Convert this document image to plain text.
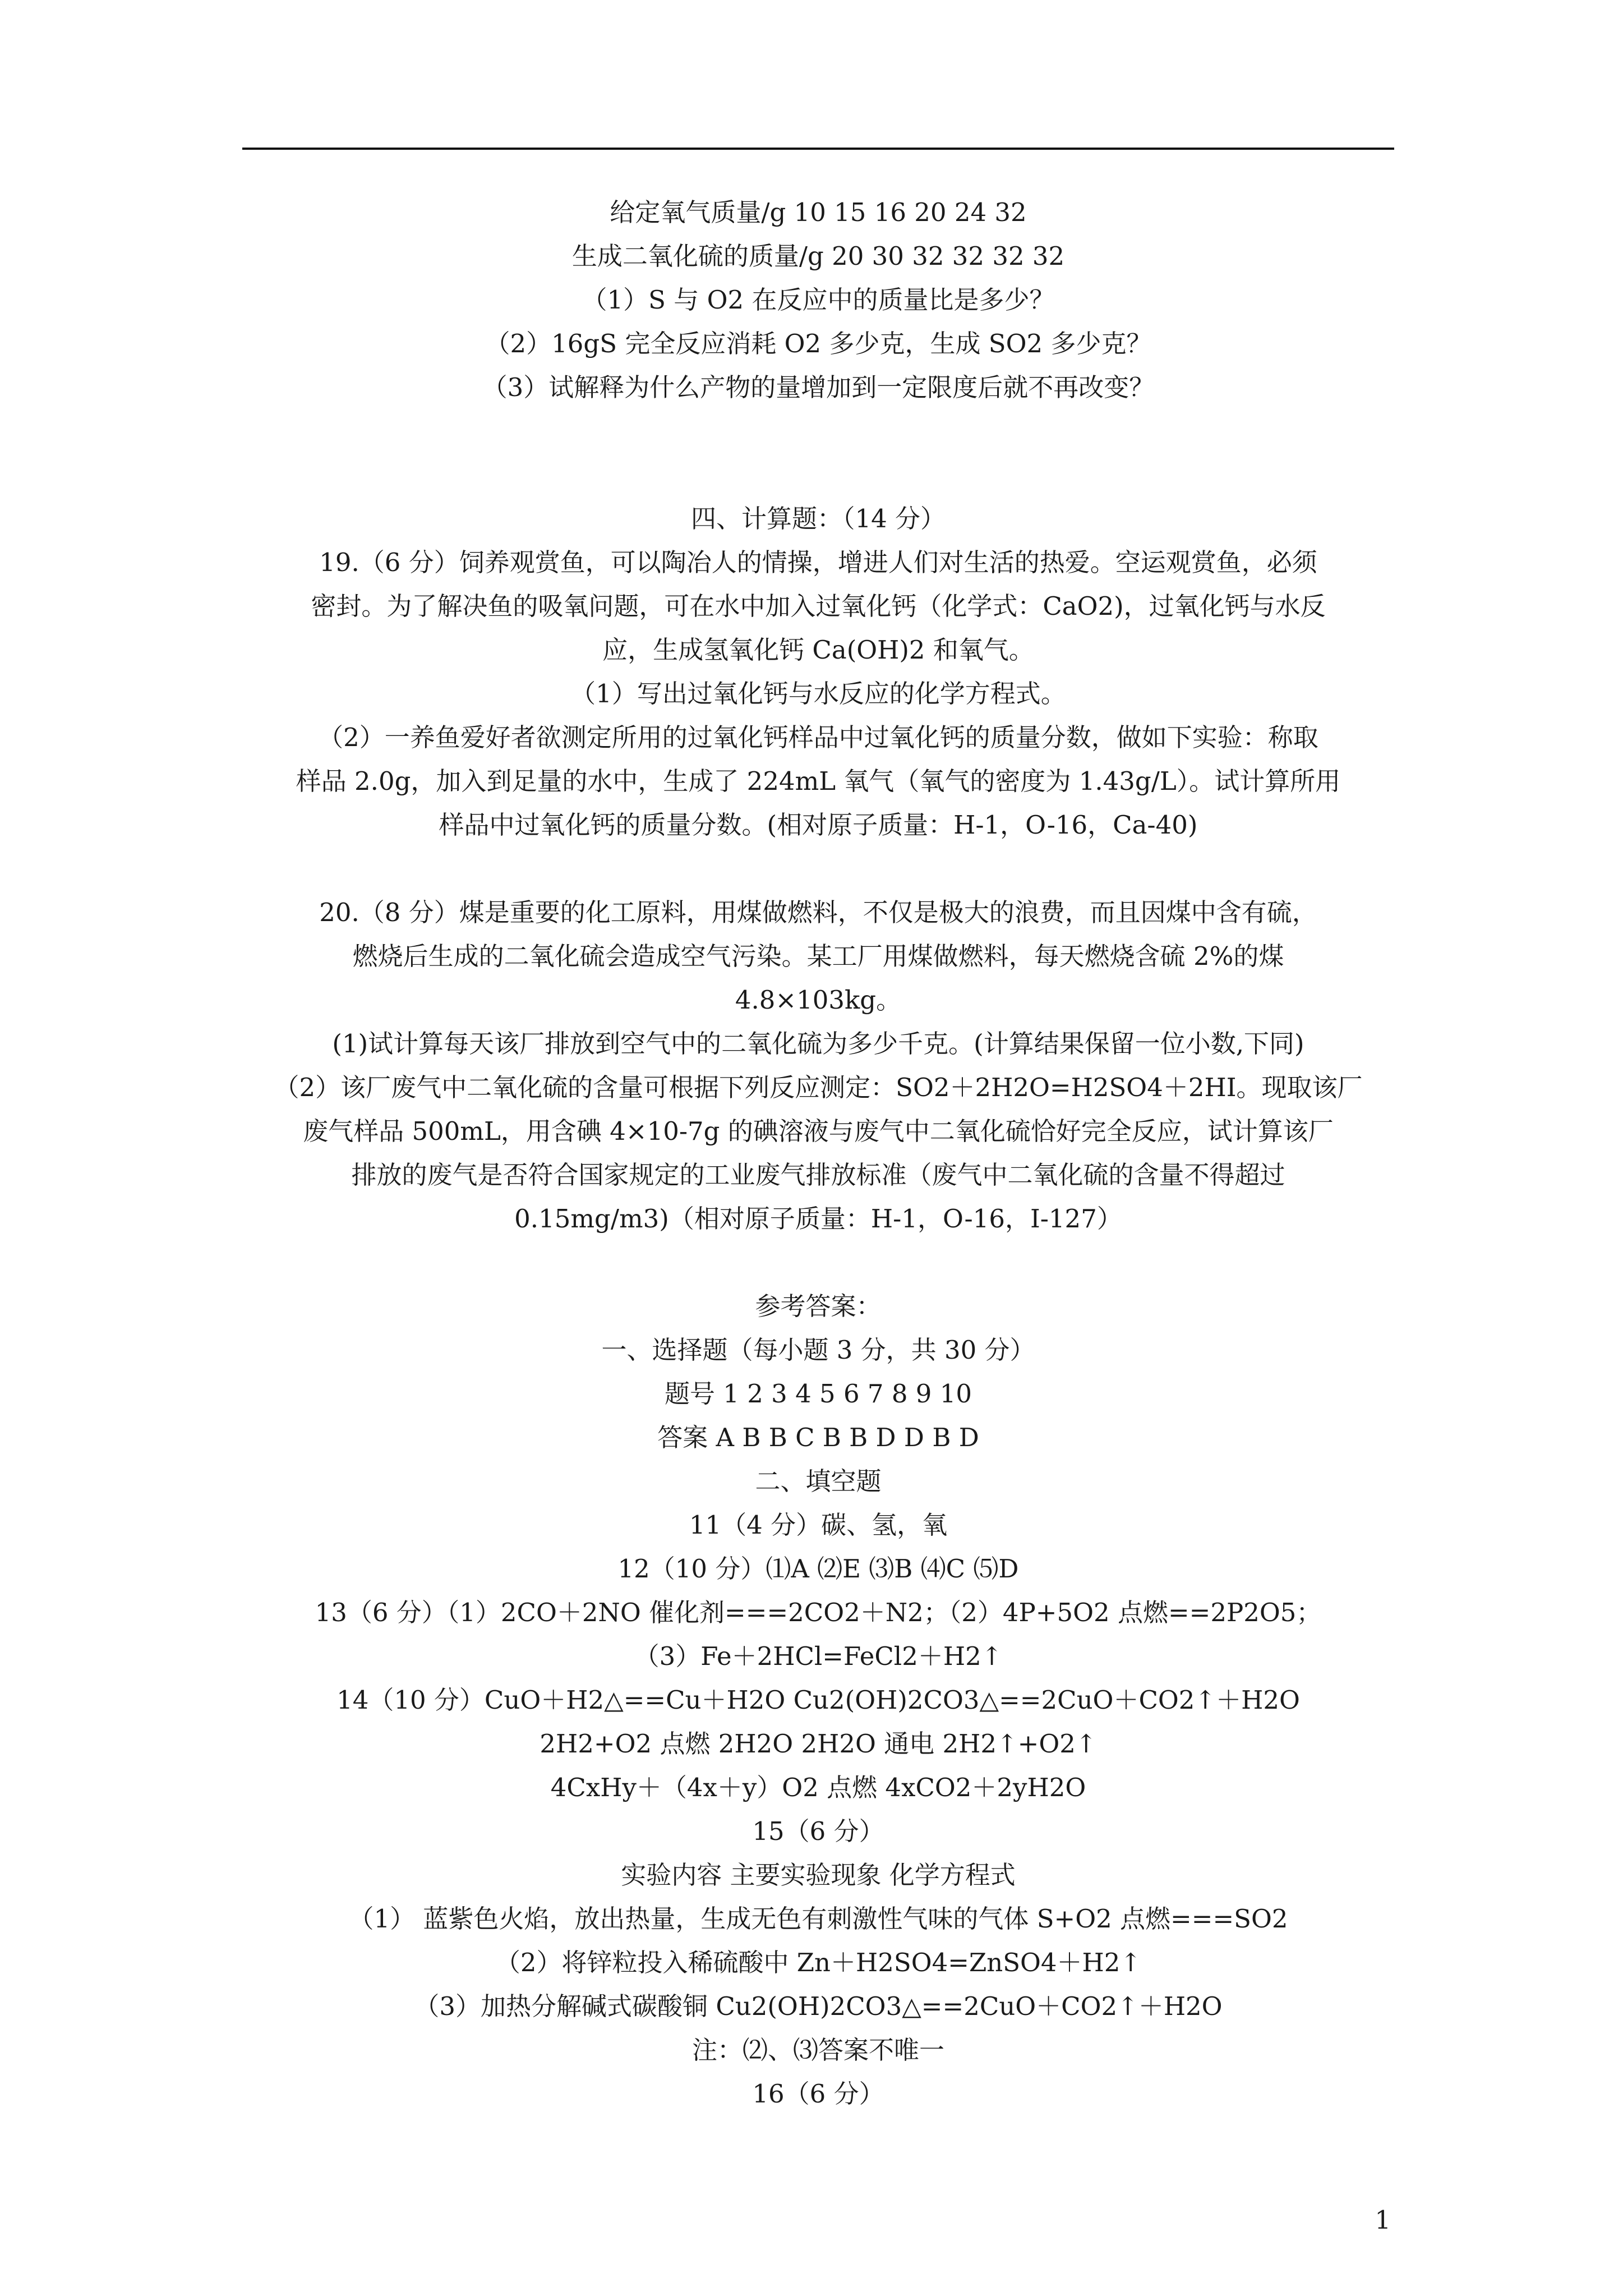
给定氧气质量/g 10 15 16 20 24 32
生成二氧化硫的质量/g 20 30 32 32 32 32
（1）S 与 O2 在反应中的质量比是多少？
（2）16gS 完全反应消耗 O2 多少克，生成 SO2 多少克？
（3）试解释为什么产物的量增加到一定限度后就不再改变？
四、计算题：（14 分）
19.（6 分）饲养观赏鱼，可以陶冶人的情操，增进人们对生活的热爱。空运观赏鱼，必须
密封。为了解决鱼的吸氧问题，可在水中加入过氧化钙（化学式：CaO2)，过氧化钙与水反
应，生成氢氧化钙 Ca(OH)2 和氧气。
（1）写出过氧化钙与水反应的化学方程式。
（2）一养鱼爱好者欲测定所用的过氧化钙样品中过氧化钙的质量分数，做如下实验：称取
样品 2.0g，加入到足量的水中，生成了 224mL 氧气（氧气的密度为 1.43g/L）。试计算所用
样品中过氧化钙的质量分数。(相对原子质量：H-1，O-16，Ca-40)
20.（8 分）煤是重要的化工原料，用煤做燃料，不仅是极大的浪费，而且因煤中含有硫，
燃烧后生成的二氧化硫会造成空气污染。某工厂用煤做燃料，每天燃烧含硫 2%的煤
4.8×103kg。
(1)试计算每天该厂排放到空气中的二氧化硫为多少千克。(计算结果保留一位小数,下同)
（2）该厂废气中二氧化硫的含量可根据下列反应测定：SO2＋2H2O=H2SO4＋2HI。现取该厂
废气样品 500mL，用含碘 4×10-7g 的碘溶液与废气中二氧化硫恰好完全反应，试计算该厂
排放的废气是否符合国家规定的工业废气排放标准（废气中二氧化硫的含量不得超过
0.15mg/m3)（相对原子质量：H-1，O-16，I-127）
参考答案：
一、选择题（每小题 3 分，共 30 分）
题号 1 2 3 4 5 6 7 8 9 10
答案 A B B C B B D D B D
二、填空题
11（4 分）碳、氢，氧
12（10 分）⑴A ⑵E ⑶B ⑷C ⑸D
13（6 分）（1）2CO＋2NO 催化剂===2CO2＋N2；（2）4P+5O2 点燃==2P2O5；
（3）Fe＋2HCl=FeCl2＋H2↑
14（10 分）CuO＋H2△==Cu＋H2O Cu2(OH)2CO3△==2CuO＋CO2↑＋H2O
2H2+O2 点燃 2H2O 2H2O 通电 2H2↑+O2↑
4CxHy＋（4x＋y）O2 点燃 4xCO2＋2yH2O
15（6 分）
实验内容 主要实验现象 化学方程式
（1） 蓝紫色火焰，放出热量，生成无色有刺激性气味的气体 S+O2 点燃===SO2
（2）将锌粒投入稀硫酸中 Zn＋H2SO4=ZnSO4＋H2↑
（3）加热分解碱式碳酸铜 Cu2(OH)2CO3△==2CuO＋CO2↑＋H2O
注：⑵、⑶答案不唯一
16（6 分）
1
